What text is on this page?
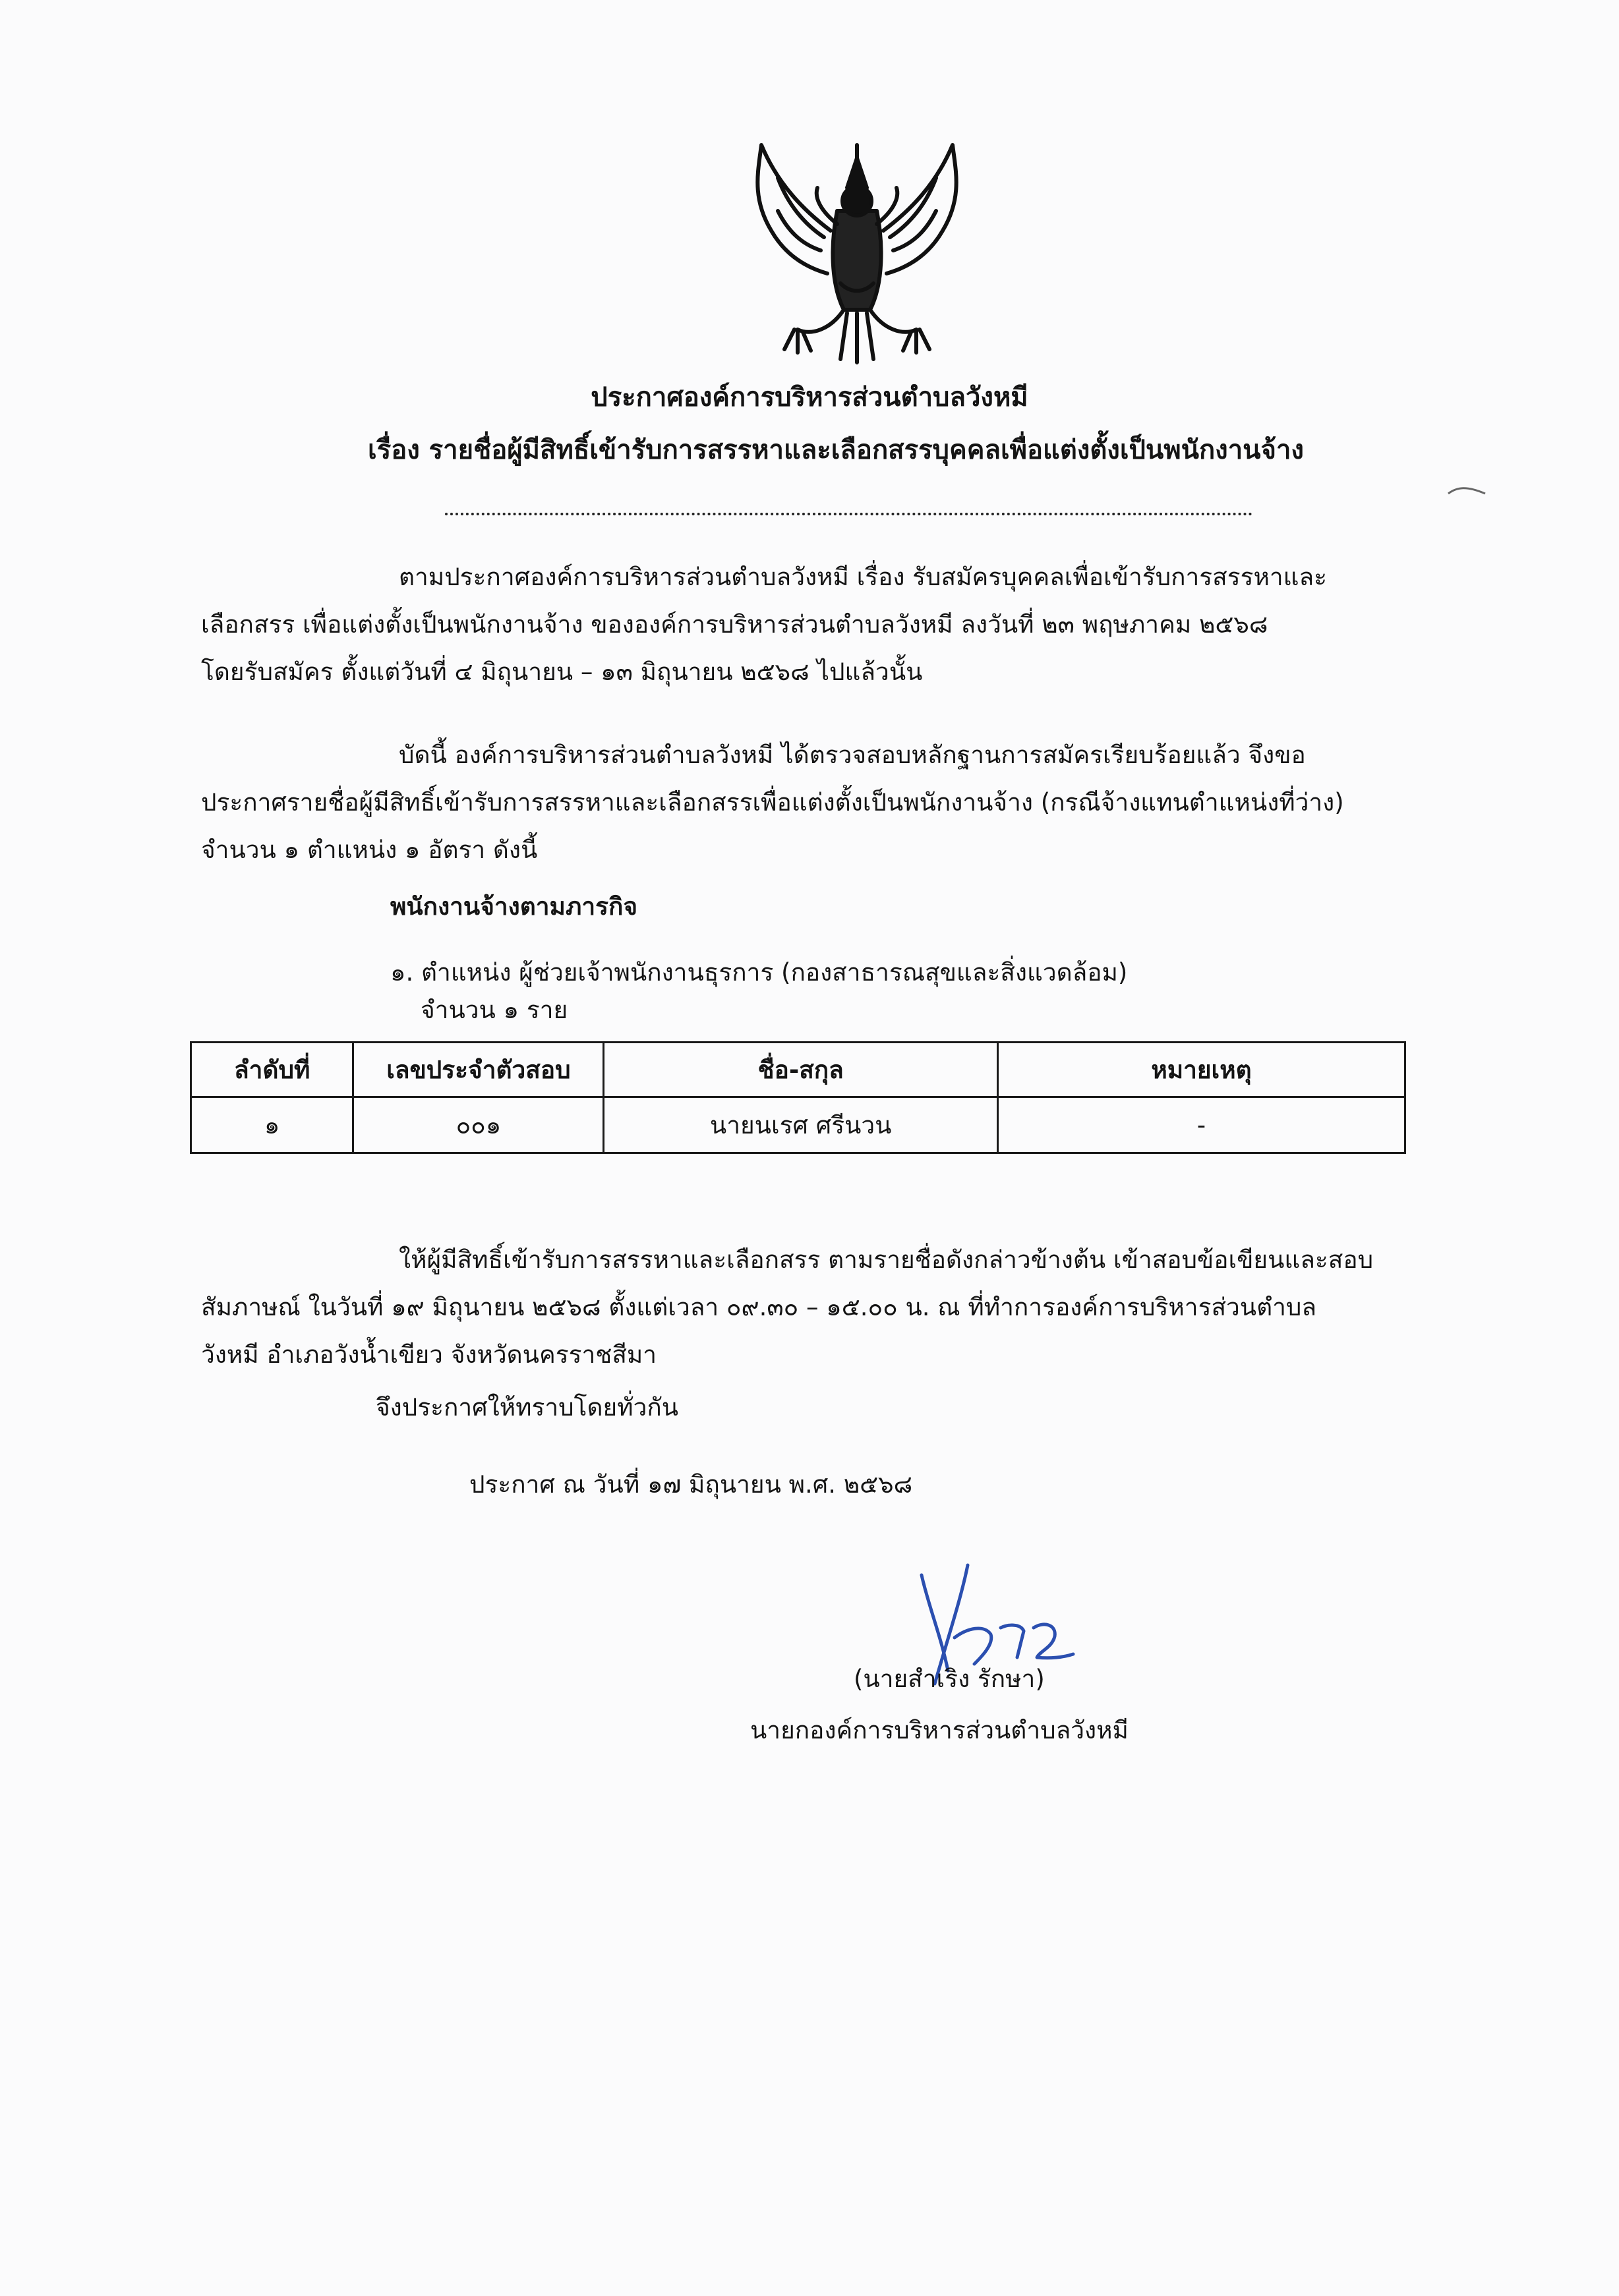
ประกาศองค์การบริหารส่วนตำบลวังหมี
เรื่อง รายชื่อผู้มีสิทธิ์เข้ารับการสรรหาและเลือกสรรบุคคลเพื่อแต่งตั้งเป็นพนักงานจ้าง

ตามประกาศองค์การบริหารส่วนตำบลวังหมี เรื่อง รับสมัครบุคคลเพื่อเข้ารับการสรรหาและ
เลือกสรร เพื่อแต่งตั้งเป็นพนักงานจ้าง ขององค์การบริหารส่วนตำบลวังหมี ลงวันที่ ๒๓ พฤษภาคม ๒๕๖๘
โดยรับสมัคร ตั้งแต่วันที่ ๔ มิถุนายน – ๑๓ มิถุนายน ๒๕๖๘ ไปแล้วนั้น

บัดนี้ องค์การบริหารส่วนตำบลวังหมี ได้ตรวจสอบหลักฐานการสมัครเรียบร้อยแล้ว จึงขอ
ประกาศรายชื่อผู้มีสิทธิ์เข้ารับการสรรหาและเลือกสรรเพื่อแต่งตั้งเป็นพนักงานจ้าง (กรณีจ้างแทนตำแหน่งที่ว่าง)
จำนวน ๑ ตำแหน่ง ๑ อัตรา ดังนี้

พนักงานจ้างตามภารกิจ
๑. ตำแหน่ง ผู้ช่วยเจ้าพนักงานธุรการ (กองสาธารณสุขและสิ่งแวดล้อม)
จำนวน ๑ ราย
ลำดับที่	เลขประจำตัวสอบ	ชื่อ-สกุล	หมายเหตุ
๑	๐๐๑	นายนเรศ ศรีนวน	-

ให้ผู้มีสิทธิ์เข้ารับการสรรหาและเลือกสรร ตามรายชื่อดังกล่าวข้างต้น เข้าสอบข้อเขียนและสอบ
สัมภาษณ์ ในวันที่ ๑๙ มิถุนายน ๒๕๖๘ ตั้งแต่เวลา ๐๙.๓๐ – ๑๕.๐๐ น. ณ ที่ทำการองค์การบริหารส่วนตำบล
วังหมี อำเภอวังน้ำเขียว จังหวัดนครราชสีมา

จึงประกาศให้ทราบโดยทั่วกัน
ประกาศ ณ วันที่ ๑๗ มิถุนายน พ.ศ. ๒๕๖๘
(นายสำเริง รักษา)
นายกองค์การบริหารส่วนตำบลวังหมี
